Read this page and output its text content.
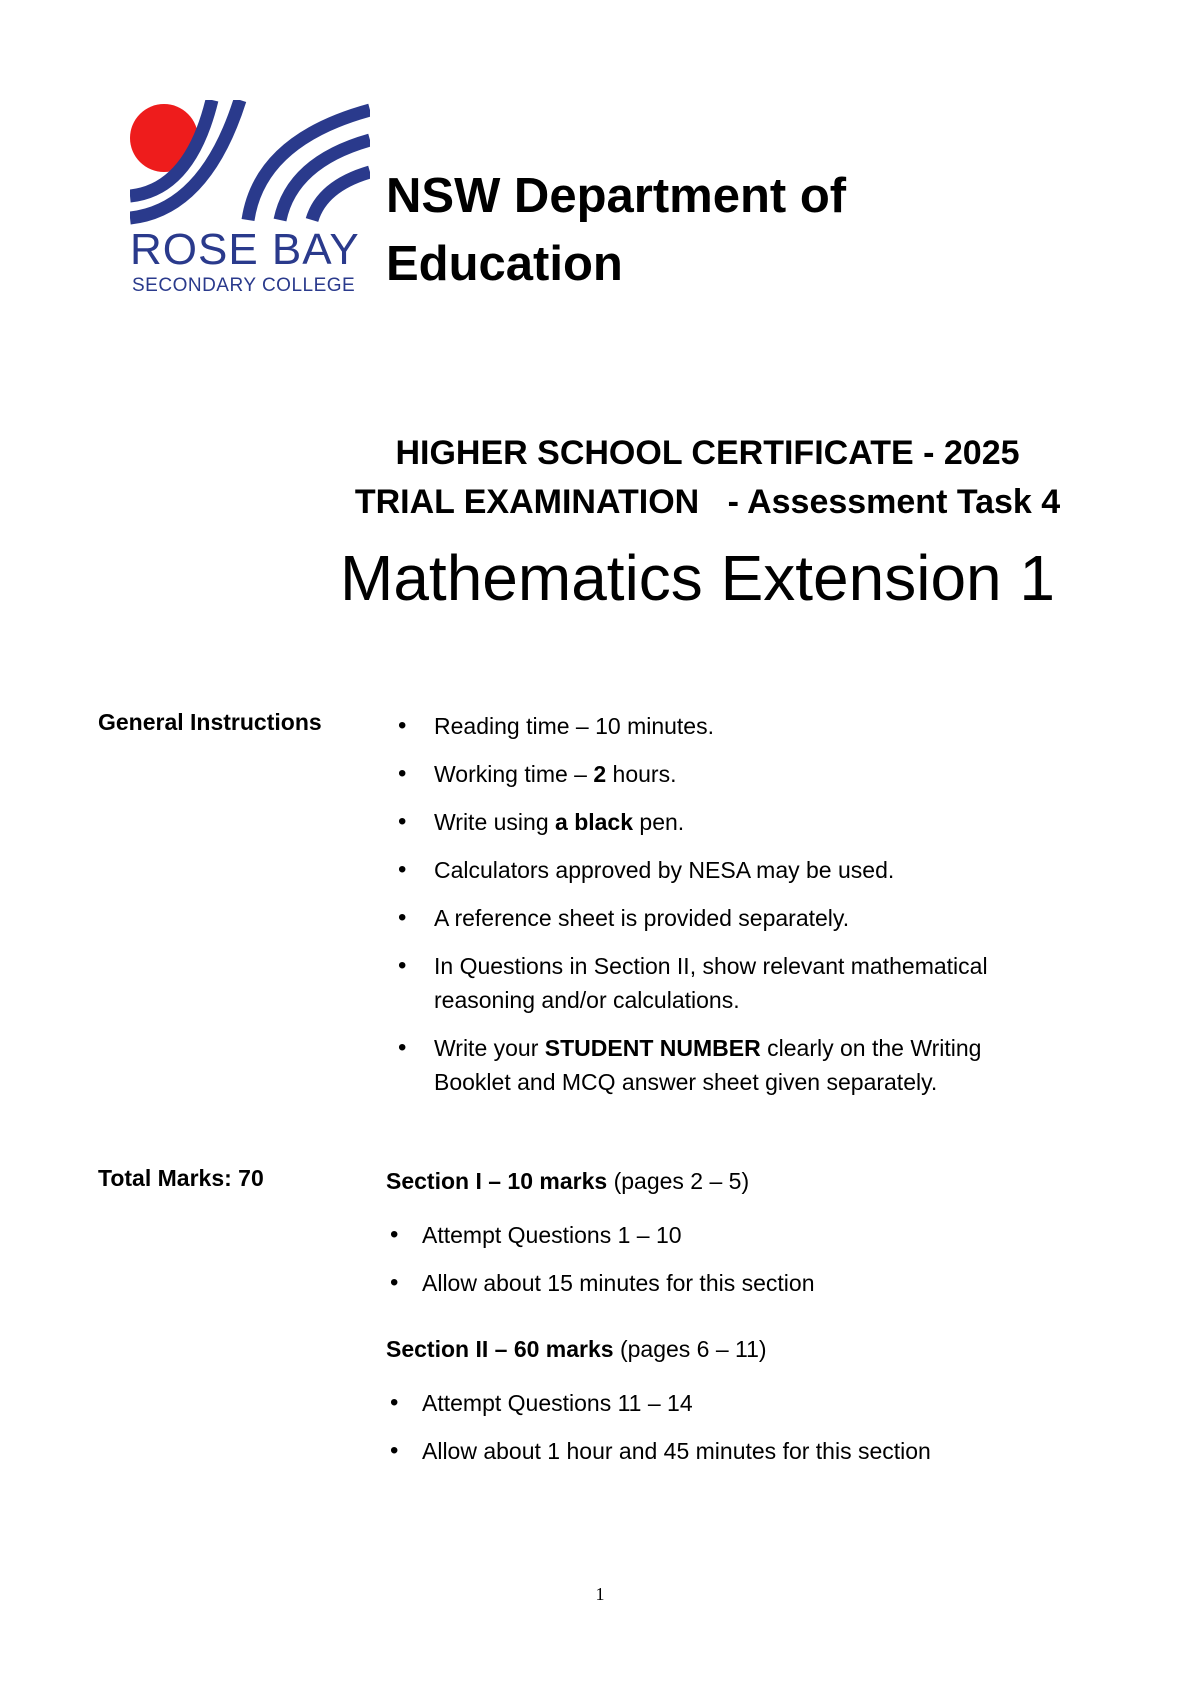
ROSE BAY
SECONDARY COLLEGE
NSW Department of
Education
HIGHER SCHOOL CERTIFICATE - 2025
TRIAL EXAMINATION - Assessment Task 4
Mathematics Extension 1
General Instructions
•	Reading time – 10 minutes.
• Working time – 2 hours.
• Write using a black pen.
• Calculators approved by NESA may be used.
• A reference sheet is provided separately.
• In Questions in Section II, show relevant mathematical reasoning and/or calculations.
• Write your STUDENT NUMBER clearly on the Writing Booklet and MCQ answer sheet given separately.
Total Marks: 70	Section I – 10 marks (pages 2 – 5)
• Attempt Questions 1 – 10
• Allow about 15 minutes for this section
Section II – 60 marks (pages 6 – 11)
• Attempt Questions 11 – 14
• Allow about 1 hour and 45 minutes for this section
1
